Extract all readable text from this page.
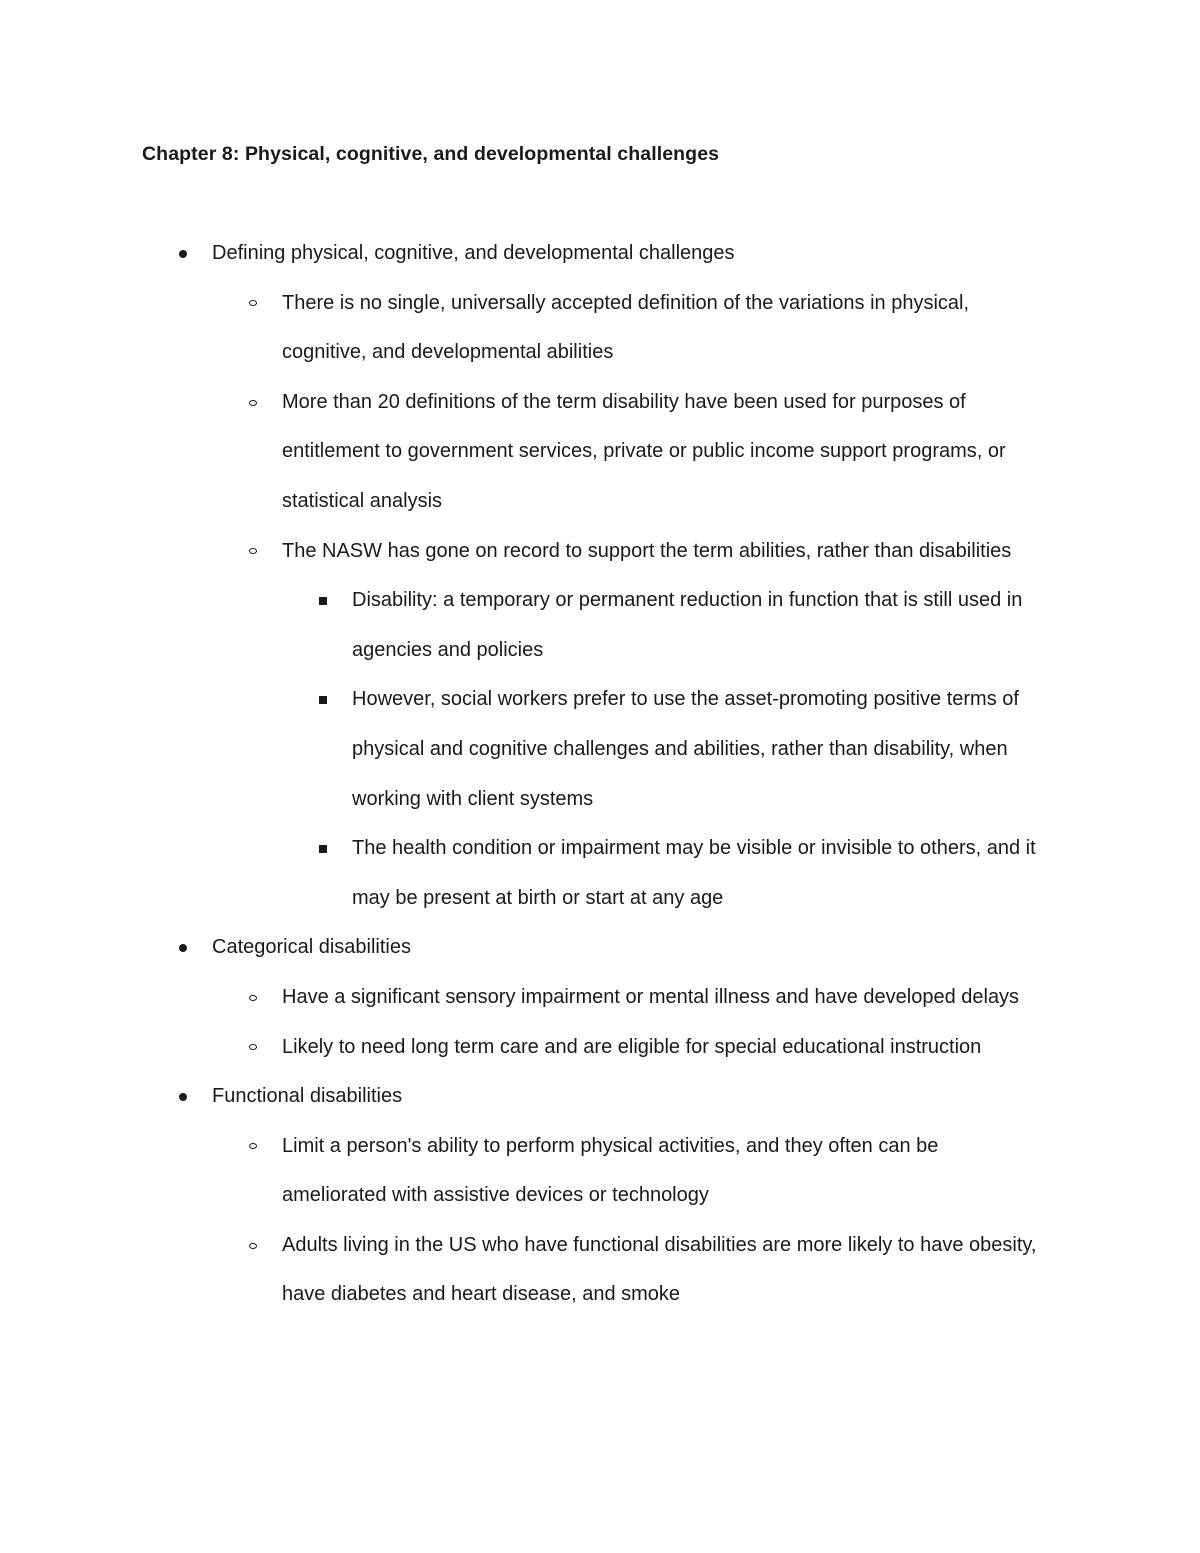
Chapter 8: Physical, cognitive, and developmental challenges
Defining physical, cognitive, and developmental challenges
There is no single, universally accepted definition of the variations in physical, cognitive, and developmental abilities
More than 20 definitions of the term disability have been used for purposes of entitlement to government services, private or public income support programs, or statistical analysis
The NASW has gone on record to support the term abilities, rather than disabilities
Disability: a temporary or permanent reduction in function that is still used in agencies and policies
However, social workers prefer to use the asset-promoting positive terms of physical and cognitive challenges and abilities, rather than disability, when working with client systems
The health condition or impairment may be visible or invisible to others, and it may be present at birth or start at any age
Categorical disabilities
Have a significant sensory impairment or mental illness and have developed delays
Likely to need long term care and are eligible for special educational instruction
Functional disabilities
Limit a person's ability to perform physical activities, and they often can be ameliorated with assistive devices or technology
Adults living in the US who have functional disabilities are more likely to have obesity, have diabetes and heart disease, and smoke
